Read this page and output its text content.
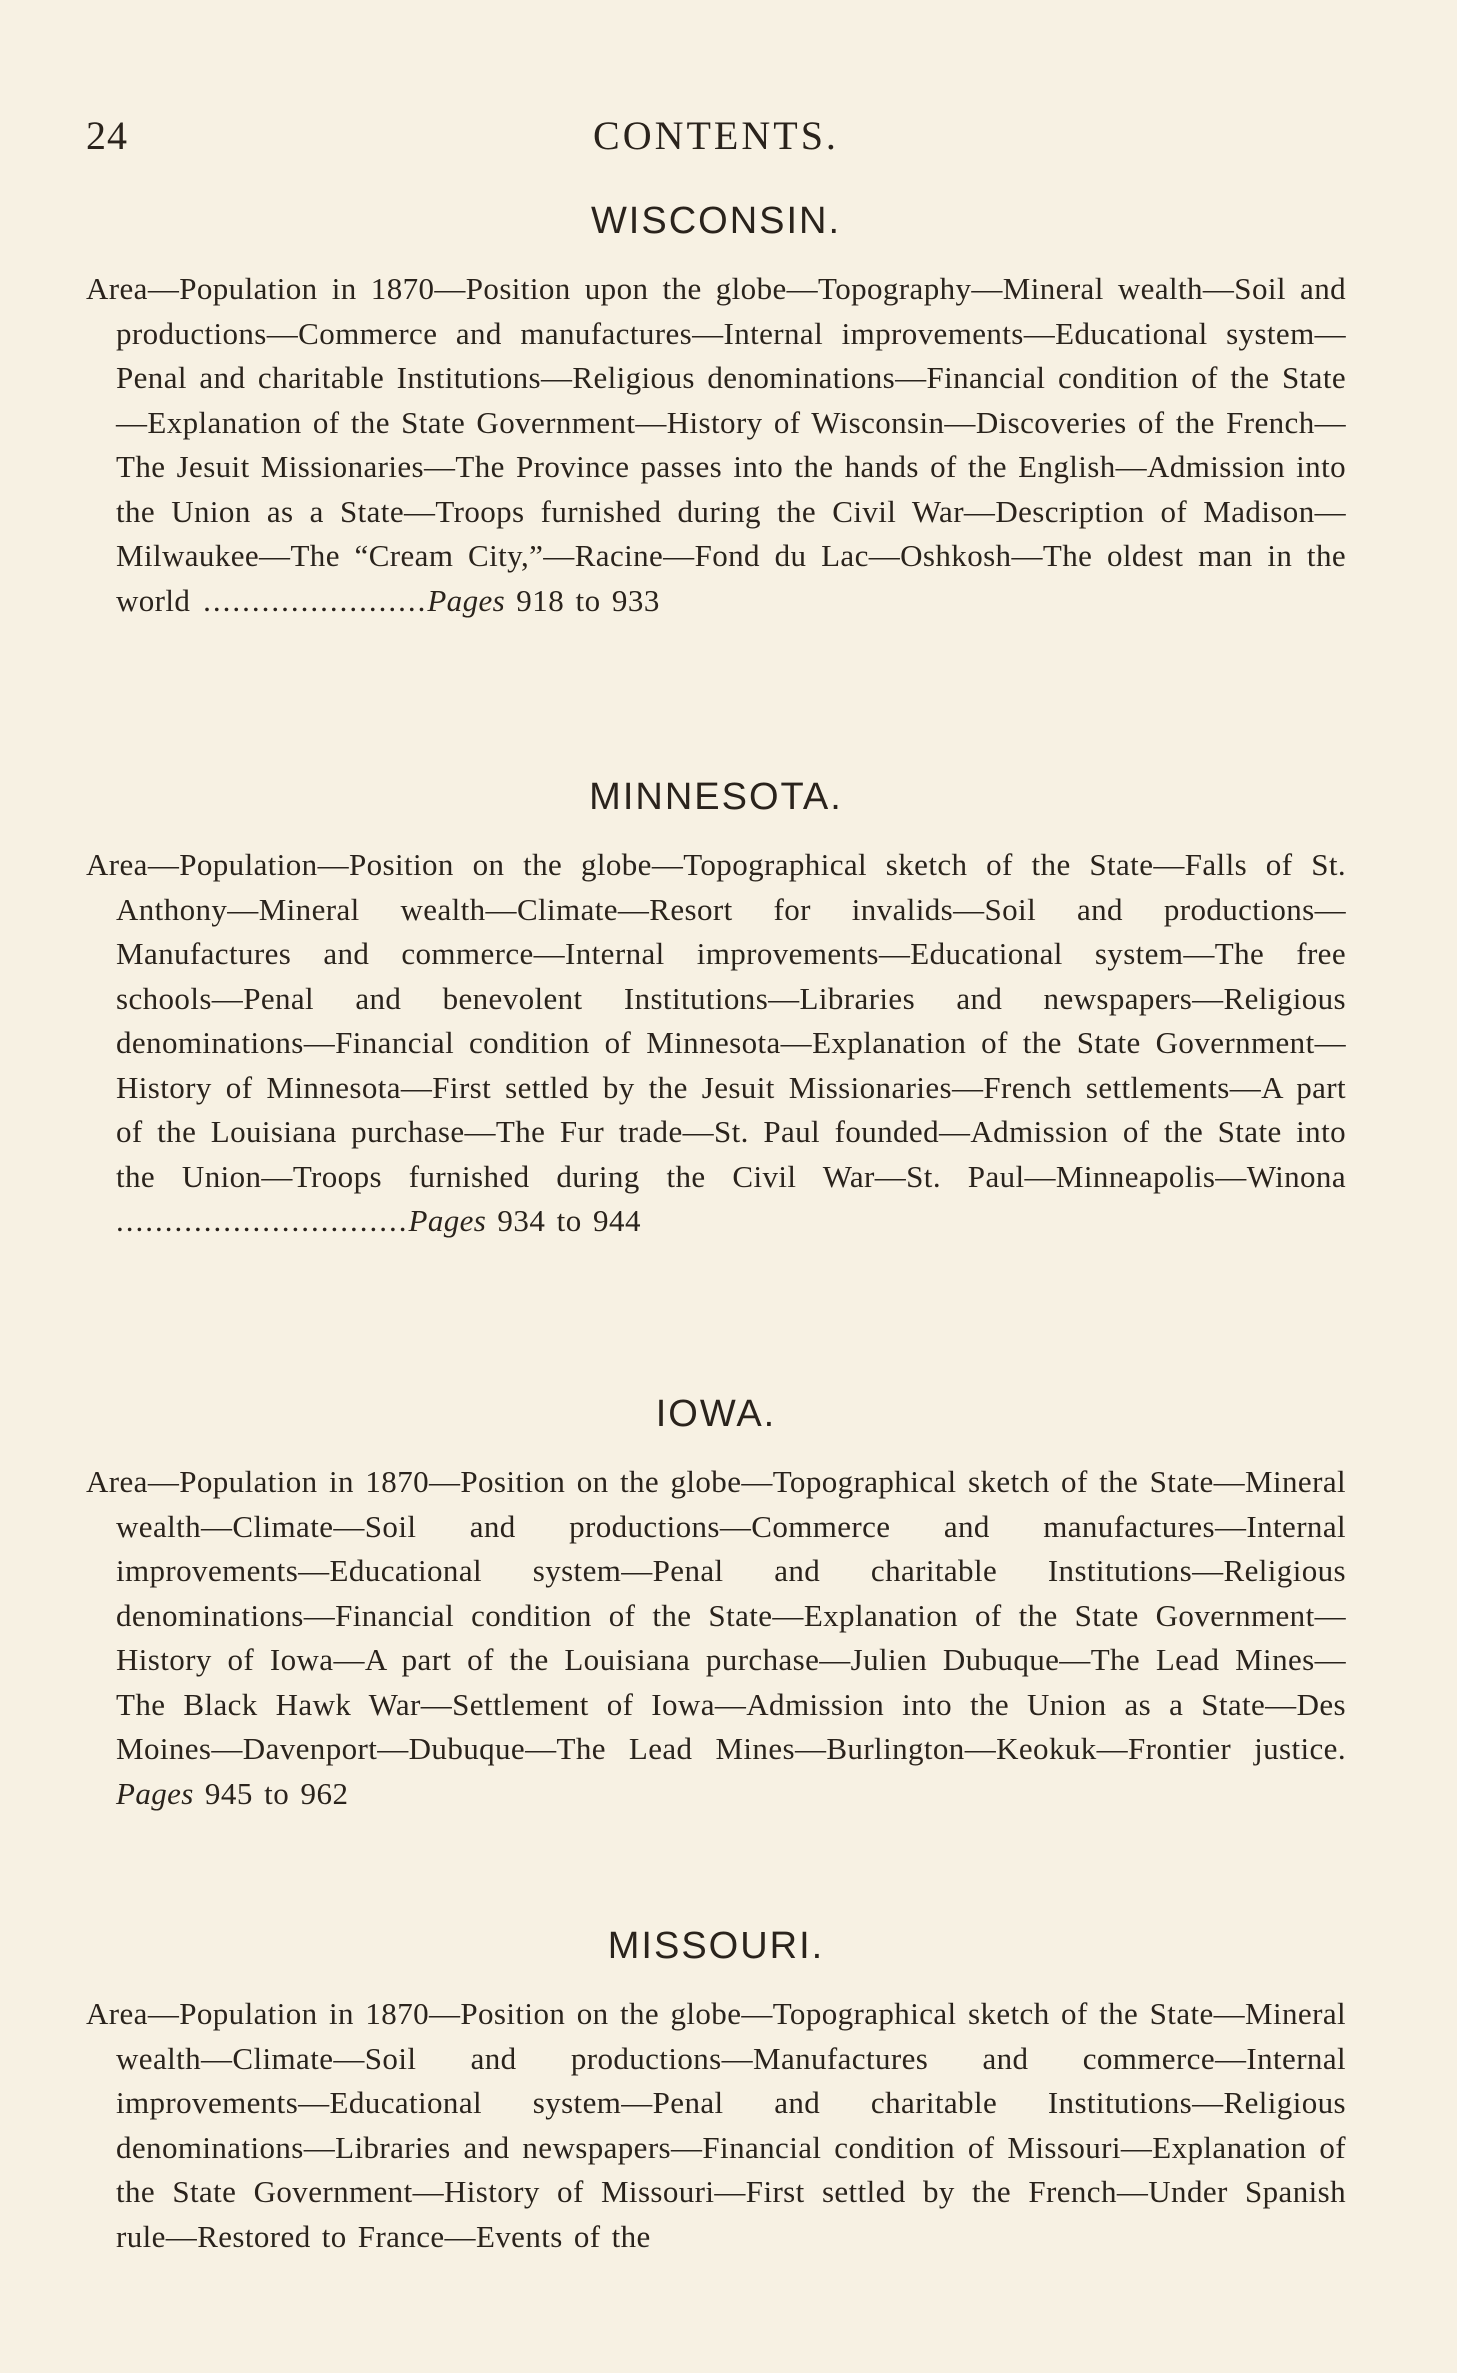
24	CONTENTS.
WISCONSIN.

Area—Population in 1870—Position upon the globe—Topography—Mineral wealth—Soil and productions—Commerce and manufactures—Internal improvements—Educational system—Penal and charitable Institutions—Religious denominations—Financial condition of the State—Explanation of the State Government—History of Wisconsin—Discoveries of the French—The Jesuit Missionaries—The Province passes into the hands of the English—Admission into the Union as a State—Troops furnished during the Civil War—Description of Madison—Milwaukee—The “Cream City,”—Racine—Fond du Lac—Oshkosh—The oldest man in the world .......................Pages 918 to 933

MINNESOTA.

Area—Population—Position on the globe—Topographical sketch of the State—Falls of St. Anthony—Mineral wealth—Climate—Resort for invalids—Soil and productions—Manufactures and commerce—Internal improvements—Educational system—The free schools—Penal and benevolent Institutions—Libraries and newspapers—Religious denominations—Financial condition of Minnesota—Explanation of the State Government—History of Minnesota—First settled by the Jesuit Missionaries—French settlements—A part of the Louisiana purchase—The Fur trade—St. Paul founded—Admission of the State into the Union—Troops furnished during the Civil War—St. Paul—Minneapolis—Winona ..............................Pages 934 to 944

IOWA.

Area—Population in 1870—Position on the globe—Topographical sketch of the State—Mineral wealth—Climate—Soil and productions—Commerce and manufactures—Internal improvements—Educational system—Penal and charitable Institutions—Religious denominations—Financial condition of the State—Explanation of the State Government—History of Iowa—A part of the Louisiana purchase—Julien Dubuque—The Lead Mines—The Black Hawk War—Settlement of Iowa—Admission into the Union as a State—Des Moines—Davenport—Dubuque—The Lead Mines—Burlington—Keokuk—Frontier justice. Pages 945 to 962

MISSOURI.

Area—Population in 1870—Position on the globe—Topographical sketch of the State—Mineral wealth—Climate—Soil and productions—Manufactures and commerce—Internal improvements—Educational system—Penal and charitable Institutions—Religious denominations—Libraries and newspapers—Financial condition of Missouri—Explanation of the State Government—History of Missouri—First settled by the French—Under Spanish rule—Restored to France—Events of the
